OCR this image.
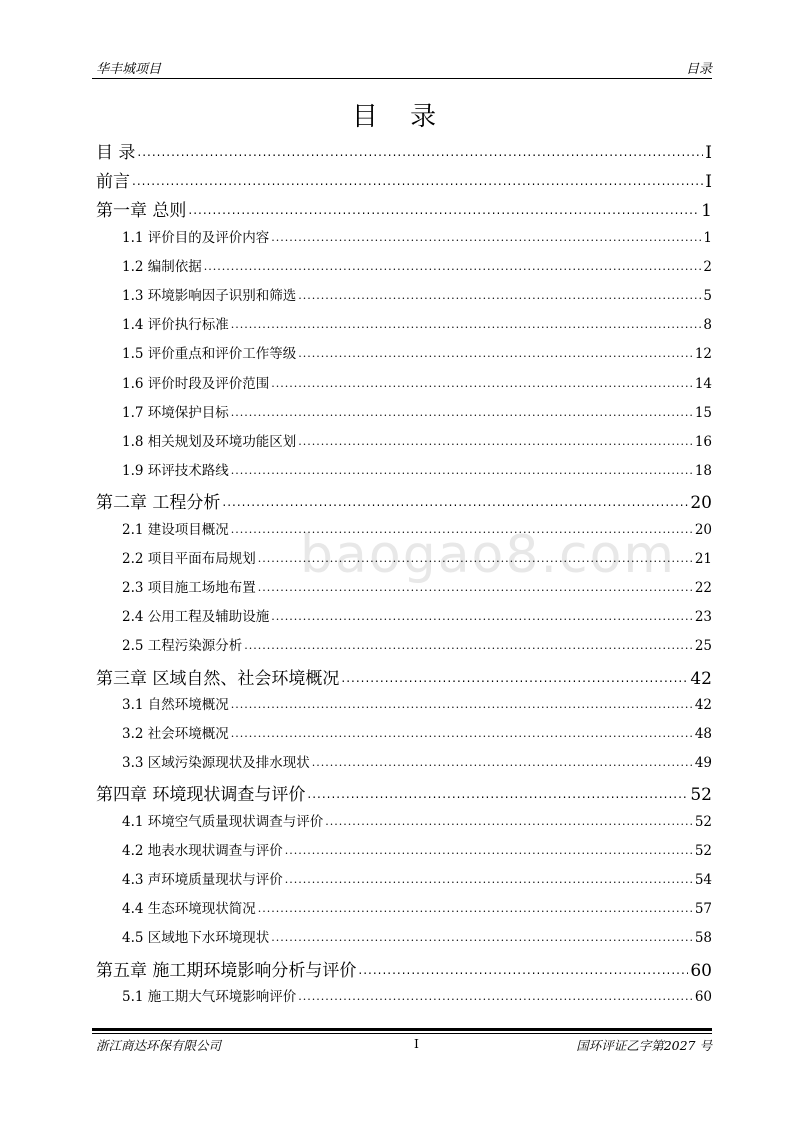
华丰城项目	目录
目 录
baogao8.com
目 录 .....	I
前言 .....	I
第一章 总则 .....	1
1.1 评价目的及评价内容 .....	1
1.2 编制依据 .....	2
1.3 环境影响因子识别和筛选 .....	5
1.4 评价执行标准 .....	8
1.5 评价重点和评价工作等级 .....	12
1.6 评价时段及评价范围 .....	14
1.7 环境保护目标 .....	15
1.8 相关规划及环境功能区划 .....	16
1.9 环评技术路线 .....	18
第二章 工程分析 .....	20
2.1 建设项目概况 .....	20
2.2 项目平面布局规划 .....	21
2.3 项目施工场地布置 .....	22
2.4 公用工程及辅助设施 .....	23
2.5 工程污染源分析 .....	25
第三章 区域自然、社会环境概况 .....	42
3.1 自然环境概况 .....	42
3.2 社会环境概况 .....	48
3.3 区域污染源现状及排水现状 .....	49
第四章 环境现状调查与评价 .....	52
4.1 环境空气质量现状调查与评价 .....	52
4.2 地表水现状调查与评价 .....	52
4.3 声环境质量现状与评价 .....	54
4.4 生态环境现状简况 .....	57
4.5 区域地下水环境现状 .....	58
第五章 施工期环境影响分析与评价 .....	60
5.1 施工期大气环境影响评价 .....	60
浙江商达环保有限公司	I	国环评证乙字第2027 号
